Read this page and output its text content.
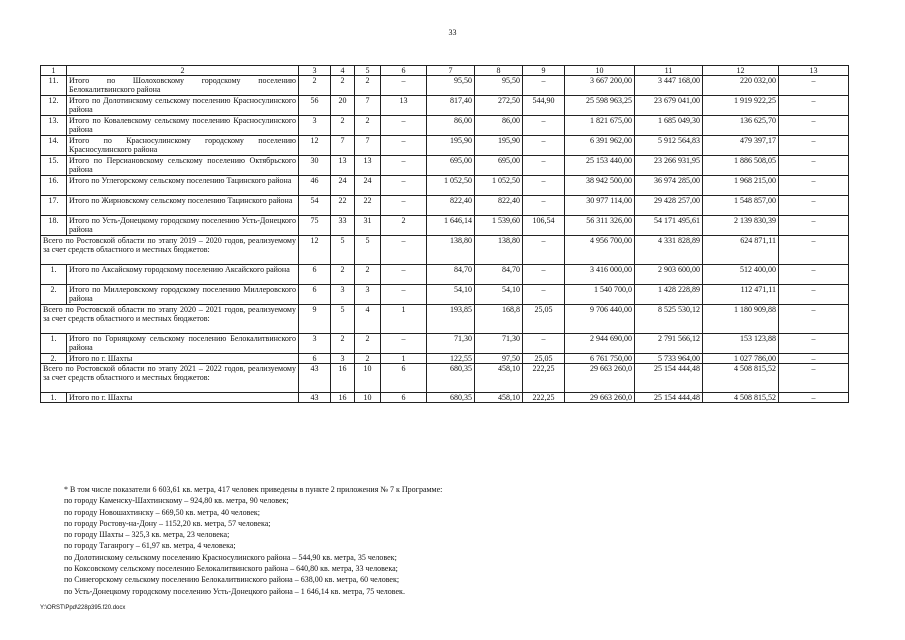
33
1	2	3	4	5	6	7	8	9	10	11	12	13
11.	Итого по Шолоховскому городскому поселению Белокалитвинского района	2	2	2	–	95,50	95,50	–	3 667 200,00	3 447 168,00	220 032,00	–
12.	Итого по Долотинскому сельскому поселению Красносулинского района	56	20	7	13	817,40	272,50	544,90	25 598 963,25	23 679 041,00	1 919 922,25	–
13.	Итого по Ковалевскому сельскому поселению Красносулинского района	3	2	2	–	86,00	86,00	–	1 821 675,00	1 685 049,30	136 625,70	–
14.	Итого по Красносулинскому городскому поселению Красносулинского района	12	7	7	–	195,90	195,90	–	6 391 962,00	5 912 564,83	479 397,17	–
15.	Итого по Персиановскому сельскому поселению Октябрьского района	30	13	13	–	695,00	695,00	–	25 153 440,00	23 266 931,95	1 886 508,05	–
16.	Итого по Углегорскому сельскому поселению Тацинского района	46	24	24	–	1 052,50	1 052,50	–	38 942 500,00	36 974 285,00	1 968 215,00	–
17.	Итого по Жирновскому сельскому поселению Тацинского района	54	22	22	–	822,40	822,40	–	30 977 114,00	29 428 257,00	1 548 857,00	–
18.	Итого по Усть-Донецкому городскому поселению Усть-Донецкого района	75	33	31	2	1 646,14	1 539,60	106,54	56 311 326,00	54 171 495,61	2 139 830,39	–
Всего по Ростовской области по этапу 2019 – 2020 годов, реализуемому за счет средств областного и местных бюджетов:		12	5	5	–	138,80	138,80	–	4 956 700,00	4 331 828,89	624 871,11	–
1.	Итого по Аксайскому городскому поселению Аксайского района	6	2	2	–	84,70	84,70	–	3 416 000,00	2 903 600,00	512 400,00	–
2.	Итого по Миллеровскому городскому поселению Миллеровского района	6	3	3	–	54,10	54,10	–	1 540 700,0	1 428 228,89	112 471,11	–
Всего по Ростовской области по этапу 2020 – 2021 годов, реализуемому за счет средств областного и местных бюджетов:		9	5	4	1	193,85	168,8	25,05	9 706 440,00	8 525 530,12	1 180 909,88	–
1.	Итого по Горняцкому сельскому поселению Белокалитвинского района	3	2	2	–	71,30	71,30	–	2 944 690,00	2 791 566,12	153 123,88	–
2.	Итого по г. Шахты	6	3	2	1	122,55	97,50	25,05	6 761 750,00	5 733 964,00	1 027 786,00	–
Всего по Ростовской области по этапу 2021 – 2022 годов, реализуемому за счет средств областного и местных бюджетов:		43	16	10	6	680,35	458,10	222,25	29 663 260,0	25 154 444,48	4 508 815,52	–
1.	Итого по г. Шахты	43	16	10	6	680,35	458,10	222,25	29 663 260,0	25 154 444,48	4 508 815,52	–
* В том числе показатели 6 603,61 кв. метра, 417 человек приведены в пункте 2 приложения № 7 к Программе:
по городу Каменску-Шахтинскому – 924,80 кв. метра, 90 человек;
по городу Новошахтинску – 669,50 кв. метра, 40 человек;
по городу Ростову-на-Дону – 1152,20 кв. метра, 57 человека;
по городу Шахты – 325,3 кв. метра, 23 человека;
по городу Таганрогу – 61,97 кв. метра, 4 человека;
по Долотинскому сельскому поселению Красносулинского района – 544,90 кв. метра, 35 человек;
по Коксовскому сельскому поселению Белокалитвинского района – 640,80 кв. метра, 33 человека;
по Синегорскому сельскому поселению Белокалитвинского района – 638,00 кв. метра, 60 человек;
по Усть-Донецкому городскому поселению Усть-Донецкого района – 1 646,14 кв. метра, 75 человек.
Y:\ORST\Ppd\228p395.f20.docx
